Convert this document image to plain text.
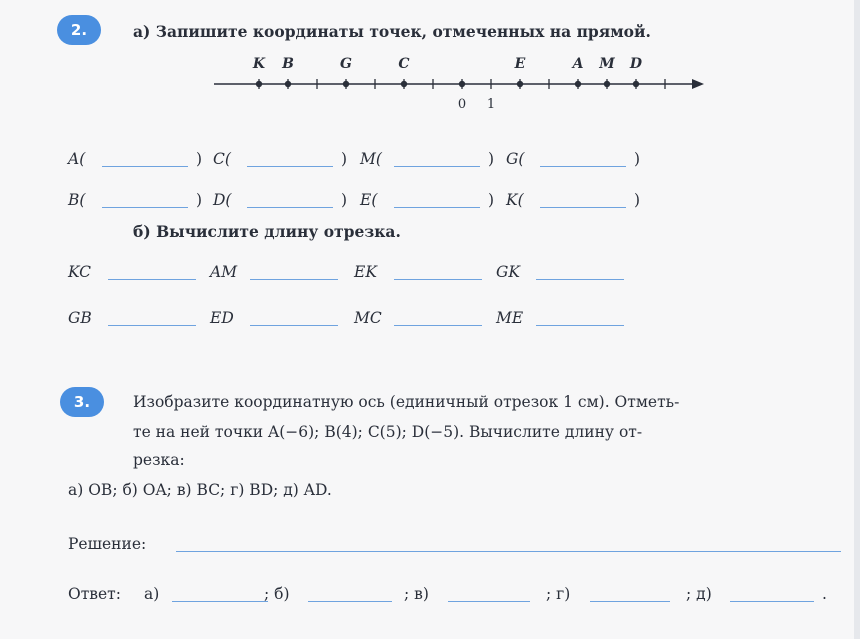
2.	а) Запишите координаты точек, отмеченных на прямой.
K B	G	C	E	A M D
0 1
A(	) C(	) M(	) G(	)
B(	) D(	) E(	) K(	)
б) Вычислите длину отрезка.
KC	AM	EK	GK
GB	ED	MC	ME
3.	Изобразите координатную ось (единичный отрезок 1 см). Отметь-
те на ней точки A(−6); B(4); C(5); D(−5). Вычислите длину от-
резка:
а) OB; б) OA; в) BC; г) BD; д) AD.
Решение:
Ответ: а)	; б)	; в)	; г)	; д)	.
